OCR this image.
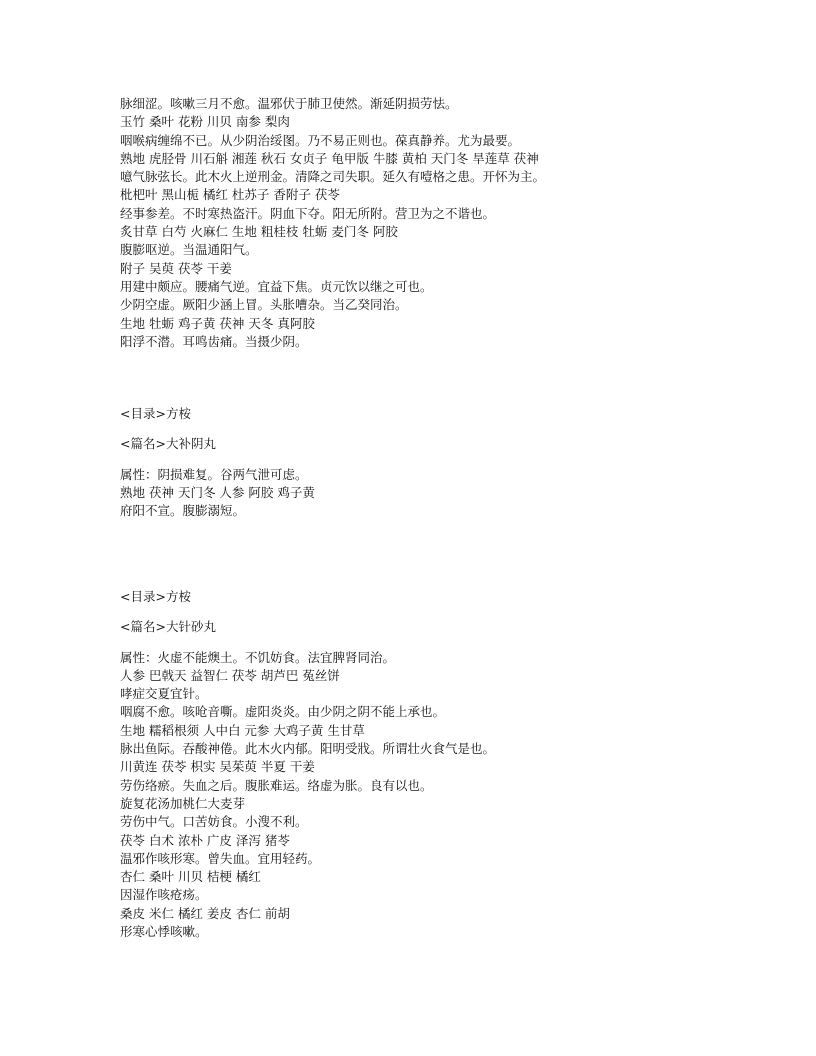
脉细涩。咳嗽三月不愈。温邪伏于肺卫使然。渐延阴损劳怯。
玉竹 桑叶 花粉 川贝 南参 梨肉
咽喉病缠绵不已。从少阴治绥图。乃不易正则也。葆真静养。尤为最要。
熟地 虎胫骨 川石斛 湘莲 秋石 女贞子 龟甲版 牛膝 黄柏 天门冬 旱莲草 茯神
噫气脉弦长。此木火上逆刑金。清降之司失职。延久有噎格之患。开怀为主。
枇杷叶 黑山栀 橘红 杜苏子 香附子 茯苓
经事参差。不时寒热盗汗。阴血下夺。阳无所附。营卫为之不谐也。
炙甘草 白芍 火麻仁 生地 粗桂枝 牡蛎 麦门冬 阿胶
腹膨呕逆。当温通阳气。
附子 吴萸 茯苓 干姜
用建中颇应。腰痛气逆。宜益下焦。贞元饮以继之可也。
少阴空虚。厥阳少涵上冒。头胀嘈杂。当乙癸同治。
生地 牡蛎 鸡子黄 茯神 天冬 真阿胶
阳浮不潜。耳鸣齿痛。当摄少阴。
<目录>方桉
<篇名>大补阴丸
属性：阴损难复。谷两气泄可虑。
熟地 茯神 天门冬 人参 阿胶 鸡子黄
府阳不宣。腹膨溺短。
<目录>方桉
<篇名>大针砂丸
属性：火虚不能燠土。不饥妨食。法宜脾肾同治。
人参 巴戟天 益智仁 茯苓 胡芦巴 菟丝饼
哮症交夏宜针。
咽腐不愈。咳呛音嘶。虚阳炎炎。由少阴之阴不能上承也。
生地 糯稻根须 人中白 元参 大鸡子黄 生甘草
脉出鱼际。吞酸神倦。此木火内郁。阳明受戕。所谓壮火食气是也。
川黄连 茯苓 枳实 吴茱萸 半夏 干姜
劳伤络瘀。失血之后。腹胀难运。络虚为胀。良有以也。
旋复花汤加桃仁大麦芽
劳伤中气。口苦妨食。小溲不利。
茯苓 白术 浓朴 广皮 泽泻 猪苓
温邪作咳形寒。曾失血。宜用轻药。
杏仁 桑叶 川贝 桔梗 橘红
因湿作咳疮疡。
桑皮 米仁 橘红 姜皮 杏仁 前胡
形寒心悸咳嗽。
